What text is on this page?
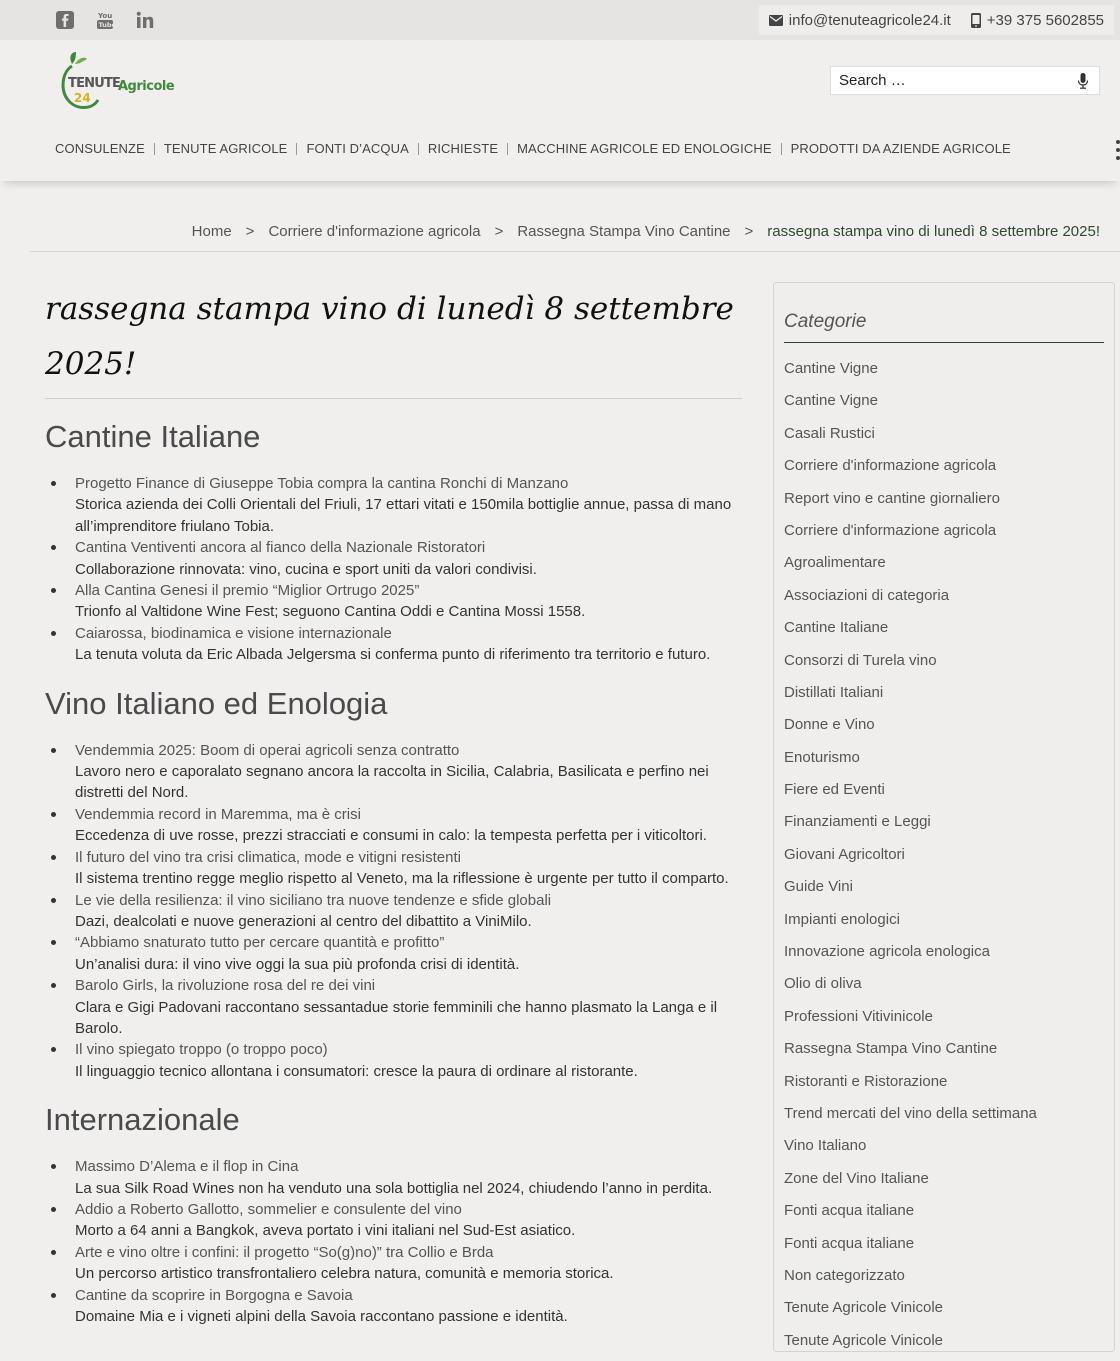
You
Tube	info@tenuteagricole24.it +39 375 5602855
TENUTE
Agricole
24
Search …
CONSULENZE TENUTE AGRICOLE FONTI D’ACQUA RICHIESTE MACCHINE AGRICOLE ED ENOLOGICHE PRODOTTI DA AZIENDE AGRICOLE
Home > Corriere d'informazione agricola > Rassegna Stampa Vino Cantine > rassegna stampa vino di lunedì 8 settembre 2025!
rassegna stampa vino di lunedì 8 settembre 2025!
Cantine Italiane
Progetto Finance di Giuseppe Tobia compra la cantina Ronchi di Manzano
Storica azienda dei Colli Orientali del Friuli, 17 ettari vitati e 150mila bottiglie annue, passa di mano all’imprenditore friulano Tobia.
Cantina Ventiventi ancora al fianco della Nazionale Ristoratori
Collaborazione rinnovata: vino, cucina e sport uniti da valori condivisi.
Alla Cantina Genesi il premio “Miglior Ortrugo 2025”
Trionfo al Valtidone Wine Fest; seguono Cantina Oddi e Cantina Mossi 1558.
Caiarossa, biodinamica e visione internazionale
La tenuta voluta da Eric Albada Jelgersma si conferma punto di riferimento tra territorio e futuro.
Vino Italiano ed Enologia
Vendemmia 2025: Boom di operai agricoli senza contratto
Lavoro nero e caporalato segnano ancora la raccolta in Sicilia, Calabria, Basilicata e perfino nei distretti del Nord.
Vendemmia record in Maremma, ma è crisi
Eccedenza di uve rosse, prezzi stracciati e consumi in calo: la tempesta perfetta per i viticoltori.
Il futuro del vino tra crisi climatica, mode e vitigni resistenti
Il sistema trentino regge meglio rispetto al Veneto, ma la riflessione è urgente per tutto il comparto.
Le vie della resilienza: il vino siciliano tra nuove tendenze e sfide globali
Dazi, dealcolati e nuove generazioni al centro del dibattito a ViniMilo.
“Abbiamo snaturato tutto per cercare quantità e profitto”
Un’analisi dura: il vino vive oggi la sua più profonda crisi di identità.
Barolo Girls, la rivoluzione rosa del re dei vini
Clara e Gigi Padovani raccontano sessantadue storie femminili che hanno plasmato la Langa e il Barolo.
Il vino spiegato troppo (o troppo poco)
Il linguaggio tecnico allontana i consumatori: cresce la paura di ordinare al ristorante.
Internazionale
Massimo D’Alema e il flop in Cina
La sua Silk Road Wines non ha venduto una sola bottiglia nel 2024, chiudendo l’anno in perdita.
Addio a Roberto Gallotto, sommelier e consulente del vino
Morto a 64 anni a Bangkok, aveva portato i vini italiani nel Sud-Est asiatico.
Arte e vino oltre i confini: il progetto “So(g)no)” tra Collio e Brda
Un percorso artistico transfrontaliero celebra natura, comunità e memoria storica.
Cantine da scoprire in Borgogna e Savoia
Domaine Mia e i vigneti alpini della Savoia raccontano passione e identità.
Categorie
Cantine Vigne
Cantine Vigne
Casali Rustici
Corriere d'informazione agricola
Report vino e cantine giornaliero
Corriere d'informazione agricola
Agroalimentare
Associazioni di categoria
Cantine Italiane
Consorzi di Turela vino
Distillati Italiani
Donne e Vino
Enoturismo
Fiere ed Eventi
Finanziamenti e Leggi
Giovani Agricoltori
Guide Vini
Impianti enologici
Innovazione agricola enologica
Olio di oliva
Professioni Vitivinicole
Rassegna Stampa Vino Cantine
Ristoranti e Ristorazione
Trend mercati del vino della settimana
Vino Italiano
Zone del Vino Italiane
Fonti acqua italiane
Fonti acqua italiane
Non categorizzato
Tenute Agricole Vinicole
Tenute Agricole Vinicole
